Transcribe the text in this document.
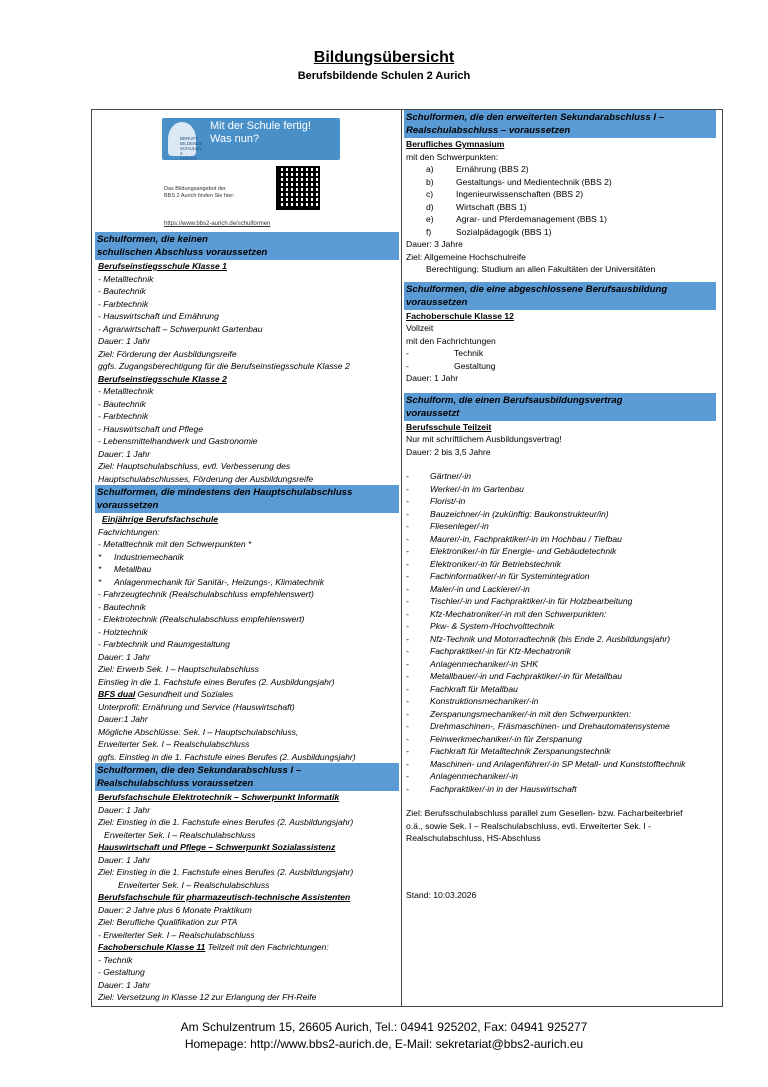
Bildungsübersicht
Berufsbildende Schulen 2 Aurich
BERUFS BILDENDE SCHULEN 2 AURICH
Mit der Schule fertig!
Was nun?
Das Bildungsangebot der
BBS 2 Aurich finden Sie hier:
https://www.bbs2-aurich.de/schulformen
Schulformen, die keinen
schulischen Abschluss voraussetzen
Berufseinstiegsschule Klasse 1
- Metalltechnik
- Bautechnik
- Farbtechnik
- Hauswirtschaft und Ernährung
- Agrarwirtschaft – Schwerpunkt Gartenbau
Dauer: 1 Jahr
Ziel: Förderung der Ausbildungsreife
ggfs. Zugangsberechtigung für die Berufseinstiegsschule Klasse 2
Berufseinstiegsschule Klasse 2
- Metalltechnik
- Bautechnik
- Farbtechnik
- Hauswirtschaft und Pflege
- Lebensmittelhandwerk und Gastronomie
Dauer: 1 Jahr
Ziel: Hauptschulabschluss, evtl. Verbesserung des
Hauptschulabschlusses, Förderung der Ausbildungsreife
Schulformen, die mindestens den Hauptschulabschluss
voraussetzen
Einjährige Berufsfachschule
Fachrichtungen:
- Metalltechnik mit den Schwerpunkten *
*	Industriemechanik
*	Metallbau
*	Anlagenmechanik für Sanitär-, Heizungs-, Klimatechnik
- Fahrzeugtechnik (Realschulabschluss empfehlenswert)
- Bautechnik
- Elektrotechnik (Realschulabschluss empfehlenswert)
- Holztechnik
- Farbtechnik und Raumgestaltung
Dauer: 1 Jahr
Ziel: Erwerb Sek. I – Hauptschulabschluss
Einstieg in die 1. Fachstufe eines Berufes (2. Ausbildungsjahr)
BFS dual Gesundheit und Soziales
Unterprofil: Ernährung und Service (Hauswirtschaft)
Dauer:1 Jahr
Mögliche Abschlüsse: Sek. I – Hauptschulabschluss,
Erweiterter Sek. I – Realschulabschluss
ggfs. Einstieg in die 1. Fachstufe eines Berufes (2. Ausbildungsjahr)
Schulformen, die den Sekundarabschluss I –
Realschulabschluss voraussetzen
Berufsfachschule Elektrotechnik – Schwerpunkt Informatik
Dauer: 1 Jahr
Ziel: Einstieg in die 1. Fachstufe eines Berufes (2. Ausbildungsjahr)
Erweiterter Sek. I – Realschulabschluss
Hauswirtschaft und Pflege – Schwerpunkt Sozialassistenz
Dauer: 1 Jahr
Ziel: Einstieg in die 1. Fachstufe eines Berufes (2. Ausbildungsjahr)
Erweiterter Sek. I – Realschulabschluss
Berufsfachschule für pharmazeutisch-technische Assistenten
Dauer: 2 Jahre plus 6 Monate Praktikum
Ziel: Berufliche Qualifikation zur PTA
- Erweiterter Sek. I – Realschulabschluss
Fachoberschule Klasse 11 Teilzeit mit den Fachrichtungen:
- Technik
- Gestaltung
Dauer: 1 Jahr
Ziel: Versetzung in Klasse 12 zur Erlangung der FH-Reife
Schulformen, die den erweiterten Sekundarabschluss I –
Realschulabschluss – voraussetzen
Berufliches Gymnasium
mit den Schwerpunkten:
a)	Ernährung (BBS 2)
b)	Gestaltungs- und Medientechnik (BBS 2)
c)	Ingenieurwissenschaften (BBS 2)
d)	Wirtschaft (BBS 1)
e)	Agrar- und Pferdemanagement (BBS 1)
f)	Sozialpädagogik (BBS 1)
Dauer: 3 Jahre
Ziel: Allgemeine Hochschulreife
Berechtigung: Studium an allen Fakultäten der Universitäten
Schulformen, die eine abgeschlossene Berufsausbildung
voraussetzen
Fachoberschule Klasse 12
Vollzeit
mit den Fachrichtungen
-	Technik
-	Gestaltung
Dauer: 1 Jahr
Schulform, die einen Berufsausbildungsvertrag
voraussetzt
Berufsschule Teilzeit
Nur mit schriftlichem Ausbildungsvertrag!
Dauer: 2 bis 3,5 Jahre
-	Gärtner/-in
-	Werker/-in im Gartenbau
-	Florist/-in
-	Bauzeichner/-in (zukünftig: Baukonstrukteur/in)
-	Fliesenleger/-in
-	Maurer/-in, Fachpraktiker/-in im Hochbau / Tiefbau
-	Elektroniker/-in für Energie- und Gebäudetechnik
-	Elektroniker/-in für Betriebstechnik
-	Fachinformatiker/-in für Systemintegration
-	Maler/-in und Lackierer/-in
-	Tischler/-in und Fachpraktiker/-in für Holzbearbeitung
-	Kfz-Mechatroniker/-in mit den Schwerpunkten:
-	Pkw- & System-/Hochvolttechnik
-	Nfz-Technik und Motorradtechnik (bis Ende 2. Ausbildungsjahr)
-	Fachpraktiker/-in für Kfz-Mechatronik
-	Anlagenmechaniker/-in SHK
-	Metallbauer/-in und Fachpraktiker/-in für Metallbau
-	Fachkraft für Metallbau
-	Konstruktionsmechaniker/-in
-	Zerspanungsmechaniker/-in mit den Schwerpunkten:
-	Drehmaschinen-, Fräsmaschinen- und Drehautomatensysteme
-	Feinwerkmechaniker/-in für Zerspanung
-	Fachkraft für Metalltechnik Zerspanungstechnik
-	Maschinen- und Anlagenführer/-in SP Metall- und Kunststofftechnik
-	Anlagenmechaniker/-in
-	Fachpraktiker/-in in der Hauswirtschaft
Ziel: Berufsschulabschluss parallel zum Gesellen- bzw. Facharbeiterbrief
o.ä., sowie Sek. I – Realschulabschluss, evtl. Erweiterter Sek. I -
Realschulabschluss, HS-Abschluss
Stand: 10:03.2026
Am Schulzentrum 15, 26605 Aurich, Tel.: 04941 925202, Fax: 04941 925277
Homepage: http://www.bbs2-aurich.de, E-Mail: sekretariat@bbs2-aurich.eu
